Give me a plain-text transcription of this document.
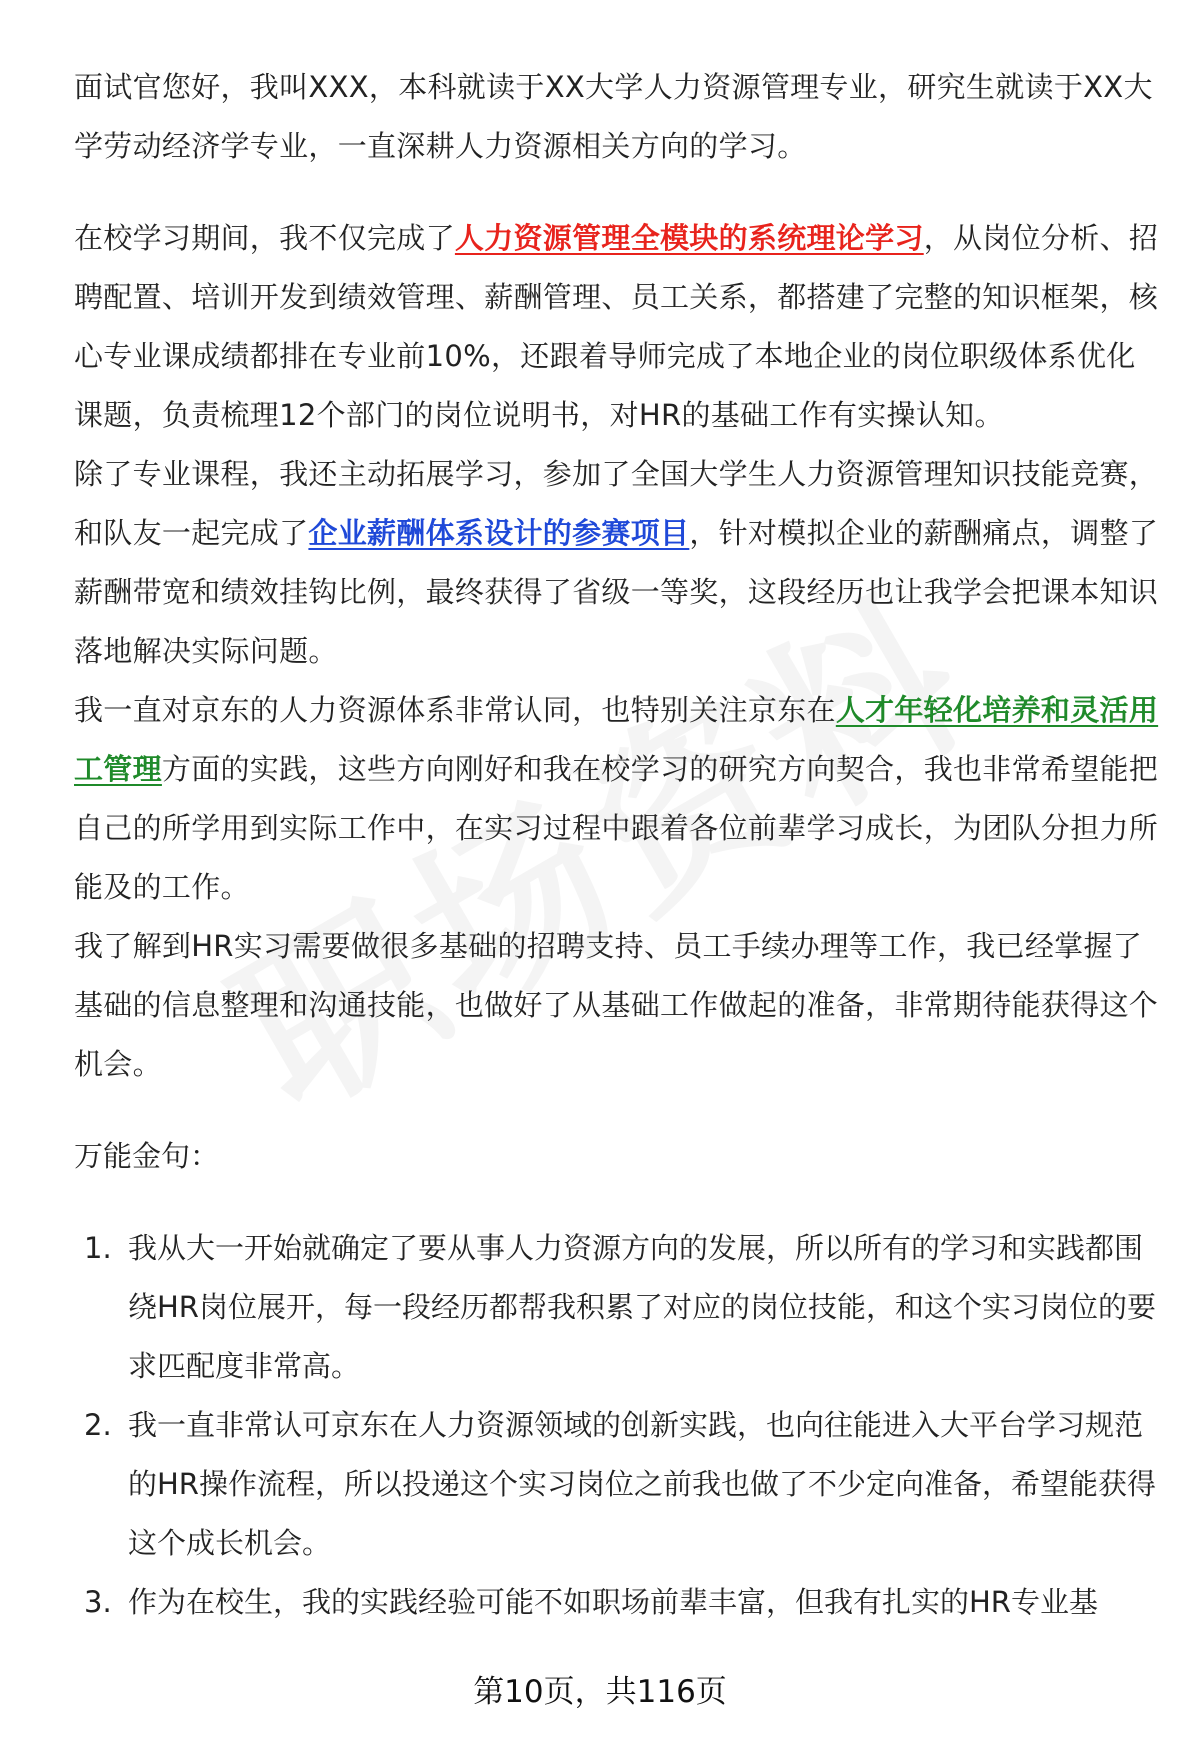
面试官您好，我叫XXX，本科就读于XX大学人力资源管理专业，研究生就读于XX大学劳动经济学专业，一直深耕人力资源相关方向的学习。

在校学习期间，我不仅完成了人力资源管理全模块的系统理论学习，从岗位分析、招聘配置、培训开发到绩效管理、薪酬管理、员工关系，都搭建了完整的知识框架，核心专业课成绩都排在专业前10%，还跟着导师完成了本地企业的岗位职级体系优化课题，负责梳理12个部门的岗位说明书，对HR的基础工作有实操认知。

除了专业课程，我还主动拓展学习，参加了全国大学生人力资源管理知识技能竞赛，和队友一起完成了企业薪酬体系设计的参赛项目，针对模拟企业的薪酬痛点，调整了薪酬带宽和绩效挂钩比例，最终获得了省级一等奖，这段经历也让我学会把课本知识落地解决实际问题。

我一直对京东的人力资源体系非常认同，也特别关注京东在人才年轻化培养和灵活用工管理方面的实践，这些方向刚好和我在校学习的研究方向契合，我也非常希望能把自己的所学用到实际工作中，在实习过程中跟着各位前辈学习成长，为团队分担力所能及的工作。

我了解到HR实习需要做很多基础的招聘支持、员工手续办理等工作，我已经掌握了基础的信息整理和沟通技能，也做好了从基础工作做起的准备，非常期待能获得这个机会。

万能金句：

1. 我从大一开始就确定了要从事人力资源方向的发展，所以所有的学习和实践都围绕HR岗位展开，每一段经历都帮我积累了对应的岗位技能，和这个实习岗位的要求匹配度非常高。
2. 我一直非常认可京东在人力资源领域的创新实践，也向往能进入大平台学习规范的HR操作流程，所以投递这个实习岗位之前我也做了不少定向准备，希望能获得这个成长机会。
3. 作为在校生，我的实践经验可能不如职场前辈丰富，但我有扎实的HR专业基
第10页，共116页
